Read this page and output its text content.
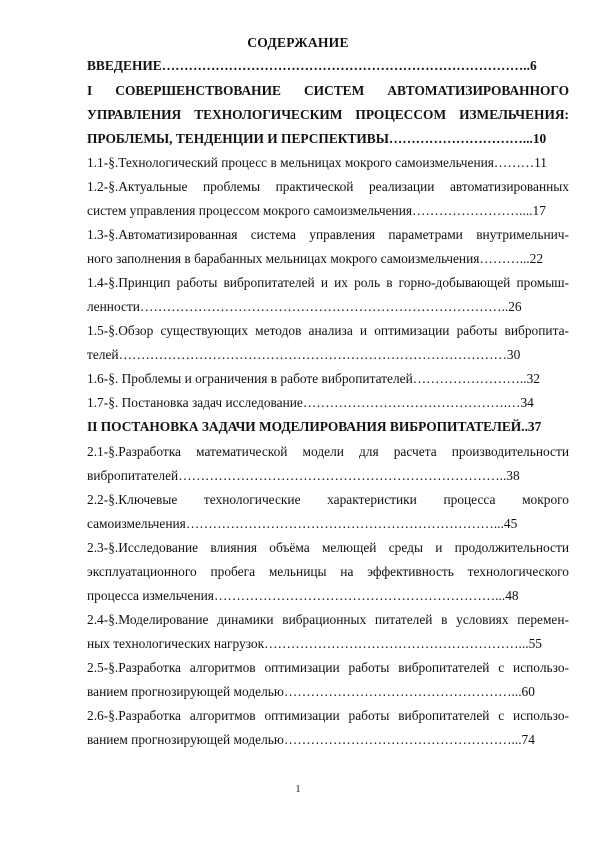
СОДЕРЖАНИЕ
ВВЕДЕНИЕ………………………………………………………………………..6
I СОВЕРШЕНСТВОВАНИЕ СИСТЕМ АВТОМАТИЗИРОВАННОГО
УПРАВЛЕНИЯ ТЕХНОЛОГИЧЕСКИМ ПРОЦЕССОМ ИЗМЕЛЬЧЕНИЯ:
ПРОБЛЕМЫ, ТЕНДЕНЦИИ И ПЕРСПЕКТИВЫ…………………………...10
1.1-§.Технологический процесс в мельницах мокрого самоизмельчения………11
1.2-§.Актуальные проблемы практической реализации автоматизированных
систем управления процессом мокрого самоизмельчения……………………....17
1.3-§.Автоматизированная система управления параметрами внутримельнич-
ного заполнения в барабанных мельницах мокрого самоизмельчения………...22
1.4-§.Принцип работы вибропитателей и их роль в горно-добывающей промыш-
ленности………………………………………………………………………..26
1.5-§.Обзор существующих методов анализа и оптимизации работы вибропита-
телей……………………………………………………………………………30
1.6-§. Проблемы и ограничения в работе вибропитателей……………………..32
1.7-§. Постановка задач исследование……………………………………….…34
II ПОСТАНОВКА ЗАДАЧИ МОДЕЛИРОВАНИЯ ВИБРОПИТАТЕЛЕЙ..37
2.1-§.Разработка математической модели для расчета производительности
вибропитателей………………………………………………………………..38
2.2-§.Ключевые технологические характеристики процесса мокрого
самоизмельчения……………………………………………………………...45
2.3-§.Исследование влияния объёма мелющей среды и продолжительности
эксплуатационного пробега мельницы на эффективность технологического
процесса измельчения………………………………………………………...48
2.4-§.Моделирование динамики вибрационных питателей в условиях перемен-
ных технологических нагрузок…………………………………………………...55
2.5-§.Разработка алгоритмов оптимизации работы вибропитателей с использо-
ванием прогнозирующей моделью……………………………………………...60
2.6-§.Разработка алгоритмов оптимизации работы вибропитателей с использо-
ванием прогнозирующей моделью……………………………………………...74
1
